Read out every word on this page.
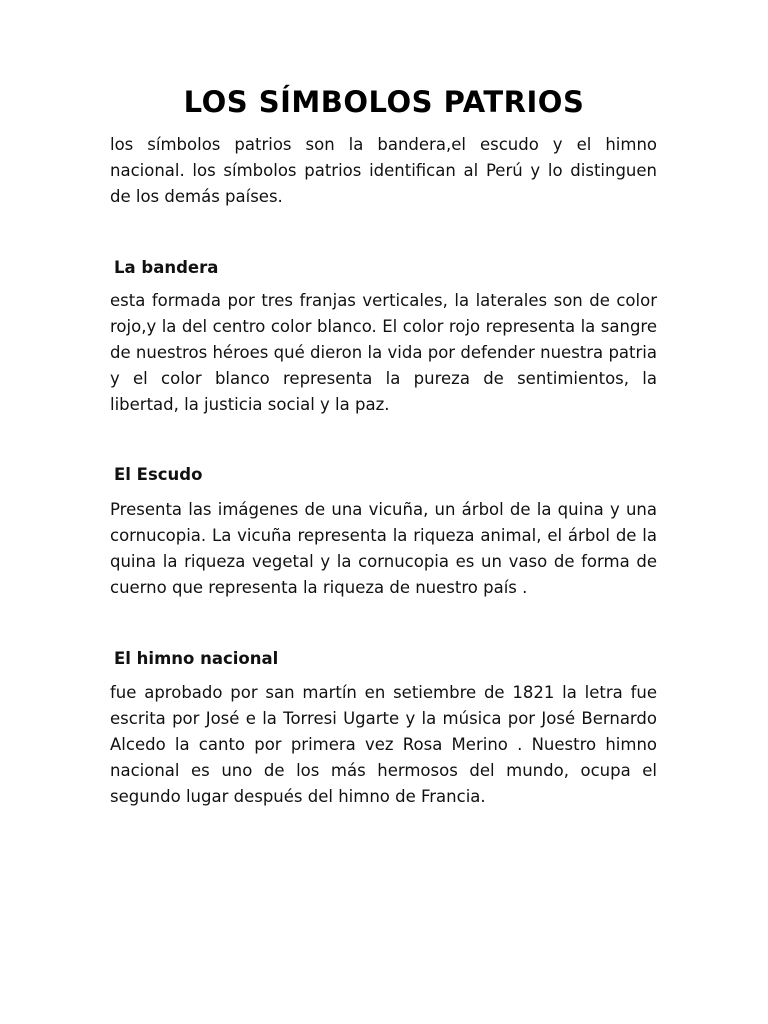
LOS SÍMBOLOS PATRIOS

los símbolos patrios son la bandera,el escudo y el himno nacional. los símbolos patrios identifican al Perú y lo distinguen de los demás países.

La bandera

esta formada por tres franjas verticales, la laterales son de color rojo,y la del centro color blanco. El color rojo representa la sangre de nuestros héroes qué dieron la vida por defender nuestra patria y el color blanco representa la pureza de sentimientos, la libertad, la justicia social y la paz.

El Escudo

Presenta las imágenes de una vicuña, un árbol de la quina y una cornucopia. La vicuña representa la riqueza animal, el árbol de la quina la riqueza vegetal y la cornucopia es un vaso de forma de cuerno que representa la riqueza de nuestro país .

El himno nacional

fue aprobado por san martín en setiembre de 1821 la letra fue escrita por José e la Torresi Ugarte y la música por José Bernardo Alcedo la canto por primera vez Rosa Merino . Nuestro himno nacional es uno de los más hermosos del mundo, ocupa el segundo lugar después del himno de Francia.
